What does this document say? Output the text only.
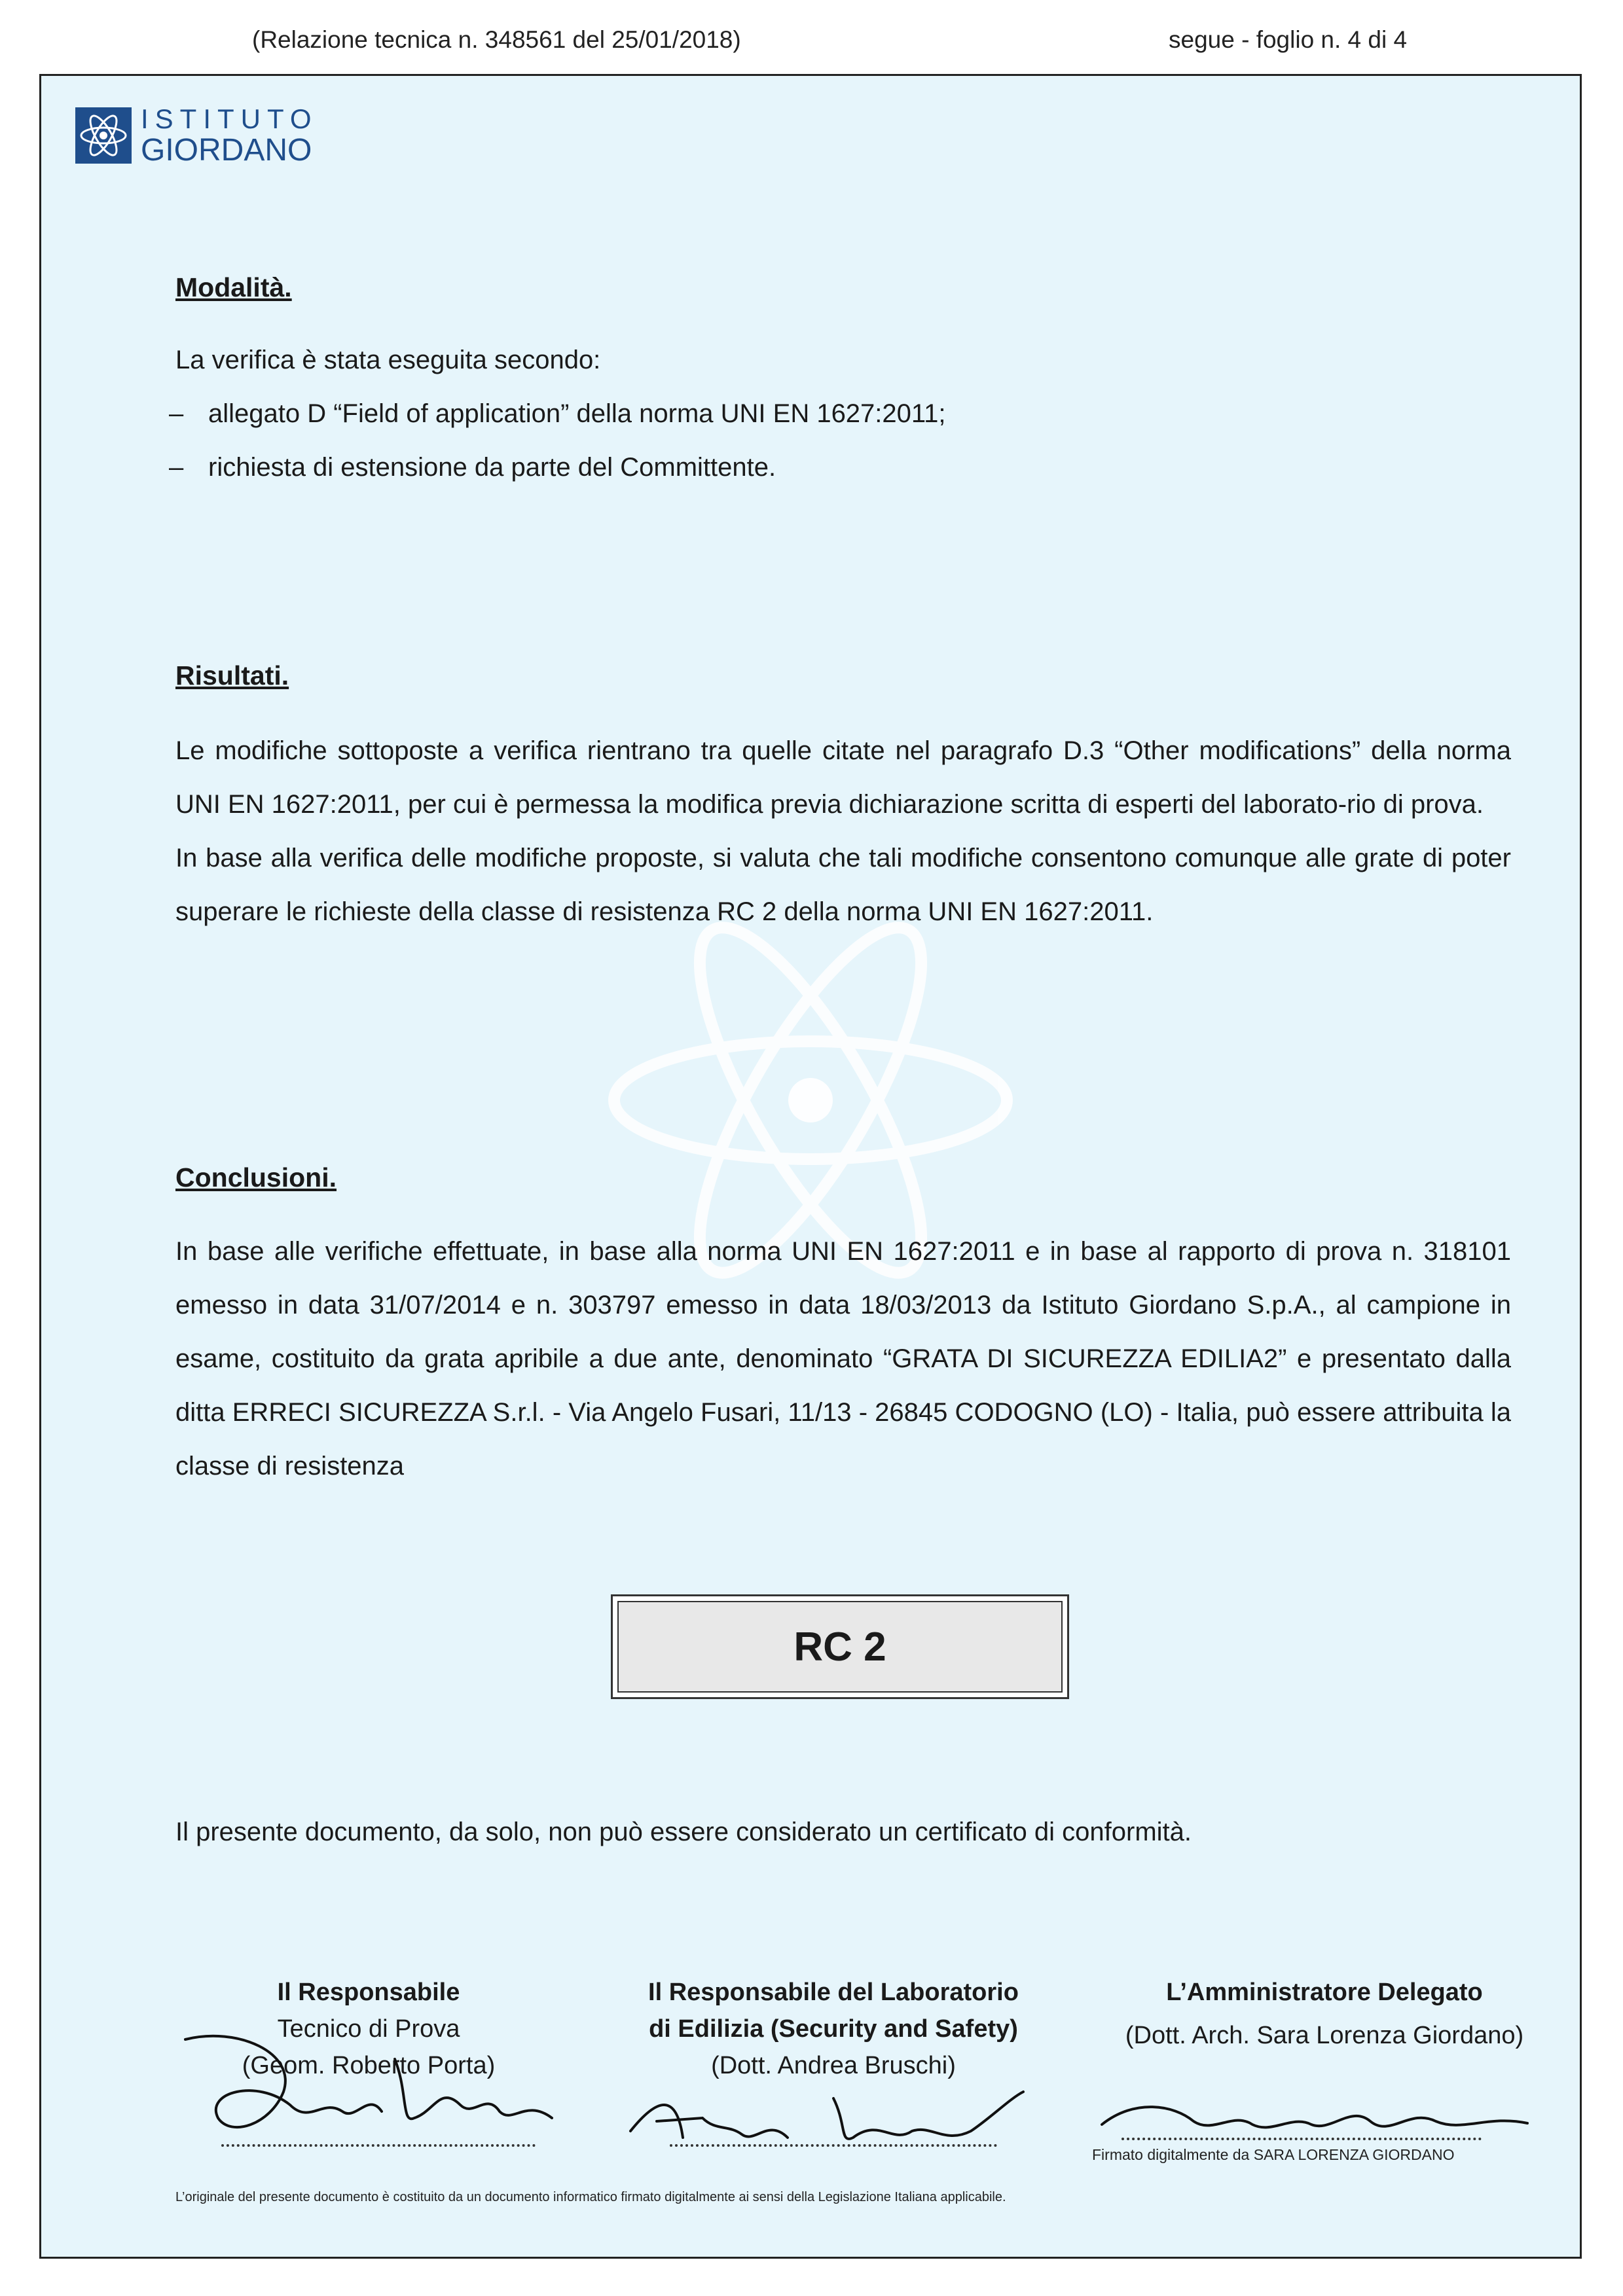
(Relazione tecnica n. 348561 del 25/01/2018)	segue - foglio n. 4 di 4
ISTITUTO
GIORDANO
Modalità.
La verifica è stata eseguita secondo:
– allegato D “Field of application” della norma UNI EN 1627:2011;
– richiesta di estensione da parte del Committente.
Risultati.

Le modifiche sottoposte a verifica rientrano tra quelle citate nel paragrafo D.3 “Other modifications” della norma UNI EN 1627:2011, per cui è permessa la modifica previa dichiarazione scritta di esperti del laborato-rio di prova.

In base alla verifica delle modifiche proposte, si valuta che tali modifiche consentono comunque alle grate di poter superare le richieste della classe di resistenza RC 2 della norma UNI EN 1627:2011.

Conclusioni.

In base alle verifiche effettuate, in base alla norma UNI EN 1627:2011 e in base al rapporto di prova n. 318101 emesso in data 31/07/2014 e n. 303797 emesso in data 18/03/2013 da Istituto Giordano S.p.A., al campione in esame, costituito da grata apribile a due ante, denominato “GRATA DI SICUREZZA EDILIA2” e presentato dalla ditta ERRECI SICUREZZA S.r.l. - Via Angelo Fusari, 11/13 - 26845 CODOGNO (LO) - Italia, può essere attribuita la classe di resistenza

RC 2
Il presente documento, da solo, non può essere considerato un certificato di conformità.
Il Responsabile
Tecnico di Prova
(Geom. Roberto Porta)
Il Responsabile del Laboratorio
di Edilizia (Security and Safety)
(Dott. Andrea Bruschi)
L’Amministratore Delegato
(Dott. Arch. Sara Lorenza Giordano)
Firmato digitalmente da SARA LORENZA GIORDANO
L’originale del presente documento è costituito da un documento informatico firmato digitalmente ai sensi della Legislazione Italiana applicabile.
